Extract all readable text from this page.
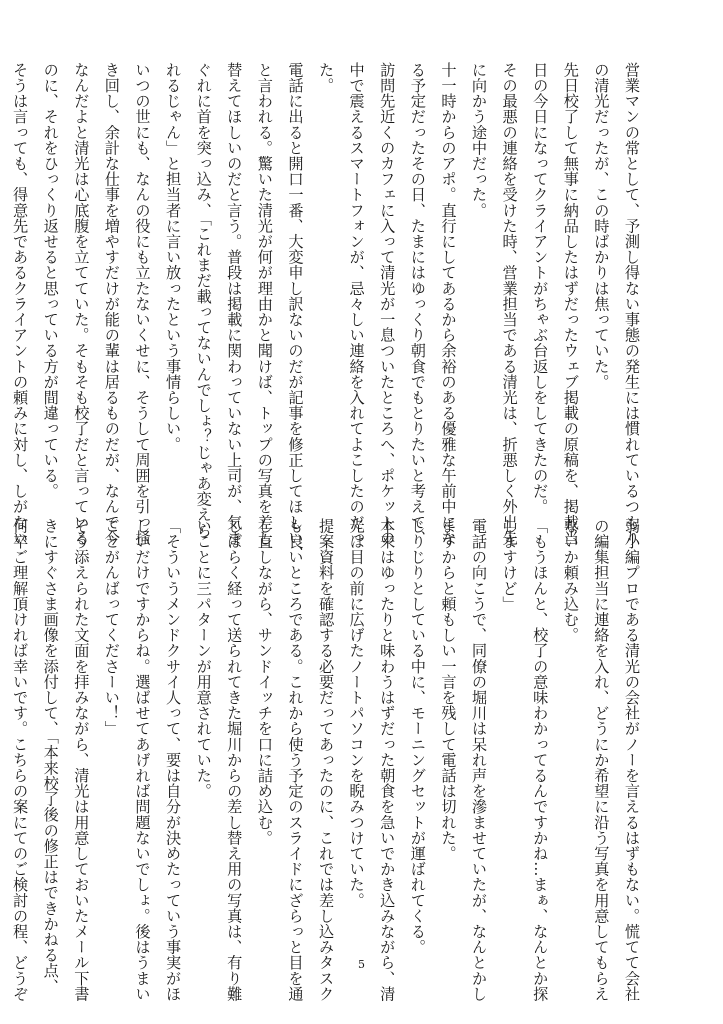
営業マンの常として、予測し得ない事態の発生には慣れているつもり
の清光だったが、この時ばかりは焦っていた。
先日校了して無事に納品したはずだったウェブ掲載の原稿を、掲載当
日の今日になってクライアントがちゃぶ台返しをしてきたのだ。
その最悪の連絡を受けた時、営業担当である清光は、折悪しく外出先
に向かう途中だった。
十一時からのアポ。直行にしてあるから余裕のある優雅な午前中にな
る予定だったその日、たまにはゆっくり朝食でもとりたいと考えて、
訪問先近くのカフェに入って清光が一息ついたところへ、ポケットの
中で震えるスマートフォンが、忌々しい連絡を入れてよこしたのだっ
た。
電話に出ると開口一番、大変申し訳ないのだが記事を修正してほしい、
と言われる。驚いた清光が何が理由かと聞けば、トップの写真を差し
替えてほしいのだと言う。普段は掲載に関わっていない上司が、気ま
ぐれに首を突っ込み、「これまだ載ってないんでしょ？じゃあ変えら
れるじゃん」と担当者に言い放ったという事情らしい。
いつの世にも、なんの役にも立たないくせに、そうして周囲を引っ掻
き回し、余計な仕事を増やすだけが能の輩は居るものだが、なんで今
なんだよと清光は心底腹を立てていた。そもそも校了だと言っている
のに、それをひっくり返せると思っている方が間違っている。
そうは言っても、得意先であるクライアントの頼みに対し、しがない
弱小編プロである清光の会社がノーを言えるはずもない。慌てて会社
の編集担当に連絡を入れ、どうにか希望に沿う写真を用意してもらえ
ないか頼み込む。
「もうほんと、校了の意味わかってるんですかね…まぁ、なんとか探
しますけど」
電話の向こうで、同僚の堀川は呆れ声を滲ませていたが、なんとかし
ますからと頼もしい一言を残して電話は切れた。
じりじりとしている中に、モーニングセットが運ばれてくる。
本来はゆったりと味わうはずだった朝食を急いでかき込みながら、清
光は目の前に広げたノートパソコンを睨みつけていた。
提案資料を確認する必要だってあったのに、これでは差し込みタスク
も良いところである。これから使う予定のスライドにざらっと目を通
し直しながら、サンドイッチを口に詰め込む。
しばらく経って送られてきた堀川からの差し替え用の写真は、有り難
いことに三パターンが用意されていた。
「そういうメンドクサイ人って、要は自分が決めたっていう事実がほ
しいだけですからね。選ばせてあげれば問題ないでしょ。後はうまい
ことがんばってくださーい！」
そう添えられた文面を拝みながら、清光は用意しておいたメール下書
きにすぐさま画像を添付して、「本来校了後の修正はできかねる点、
何卒ご理解頂ければ幸いです。こちらの案にてのご検討の程、どうぞ	5
